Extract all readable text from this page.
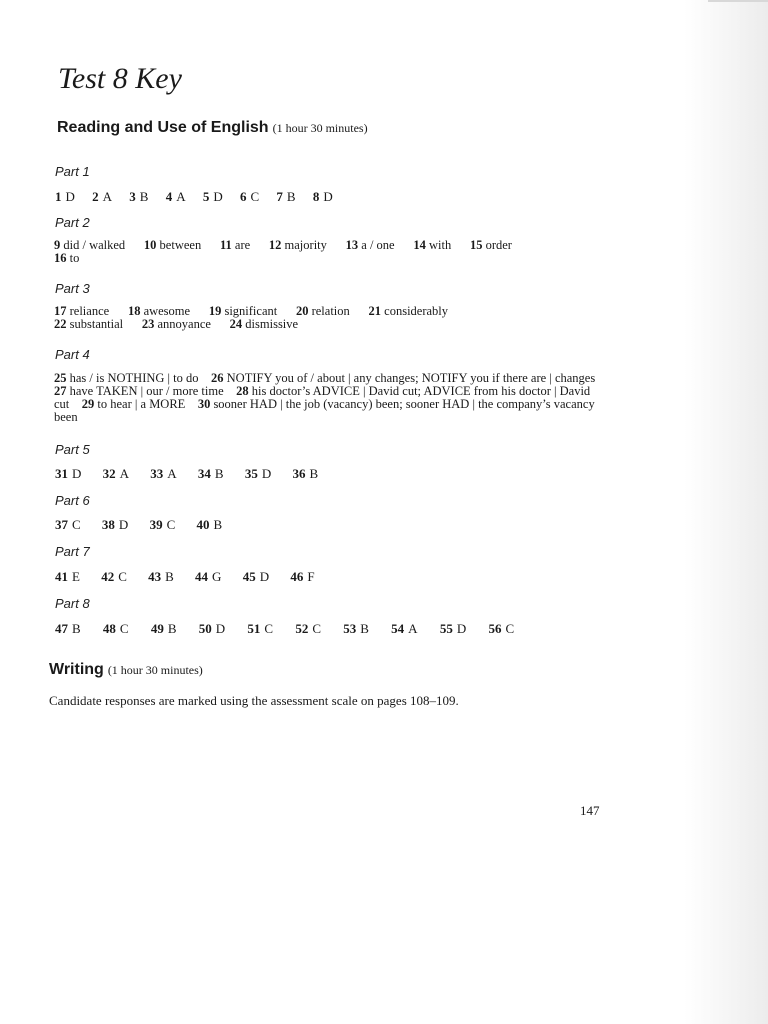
Test 8 Key
Reading and Use of English (1 hour 30 minutes)
Part 1
1 D 2 A 3 B 4 A 5 D 6 C 7 B 8 D
Part 2
9 did / walked 10 between 11 are 12 majority 13 a / one 14 with 15 order
16 to
Part 3
17 reliance 18 awesome 19 significant 20 relation 21 considerably
22 substantial 23 annoyance 24 dismissive
Part 4
25 has / is NOTHING | to do 26 NOTIFY you of / about | any changes; NOTIFY you if there are | changes    27 have TAKEN | our / more time 28 his doctor’s ADVICE | David cut; ADVICE from his doctor | David cut 29 to hear | a MORE 30 sooner HAD | the job (vacancy) been; sooner HAD | the company’s vacancy been
Part 5
31 D 32 A 33 A 34 B 35 D 36 B
Part 6
37 C 38 D 39 C 40 B
Part 7
41 E 42 C 43 B 44 G 45 D 46 F
Part 8
47 B 48 C 49 B 50 D 51 C 52 C 53 B 54 A 55 D 56 C
Writing (1 hour 30 minutes)
Candidate responses are marked using the assessment scale on pages 108–109.
147
